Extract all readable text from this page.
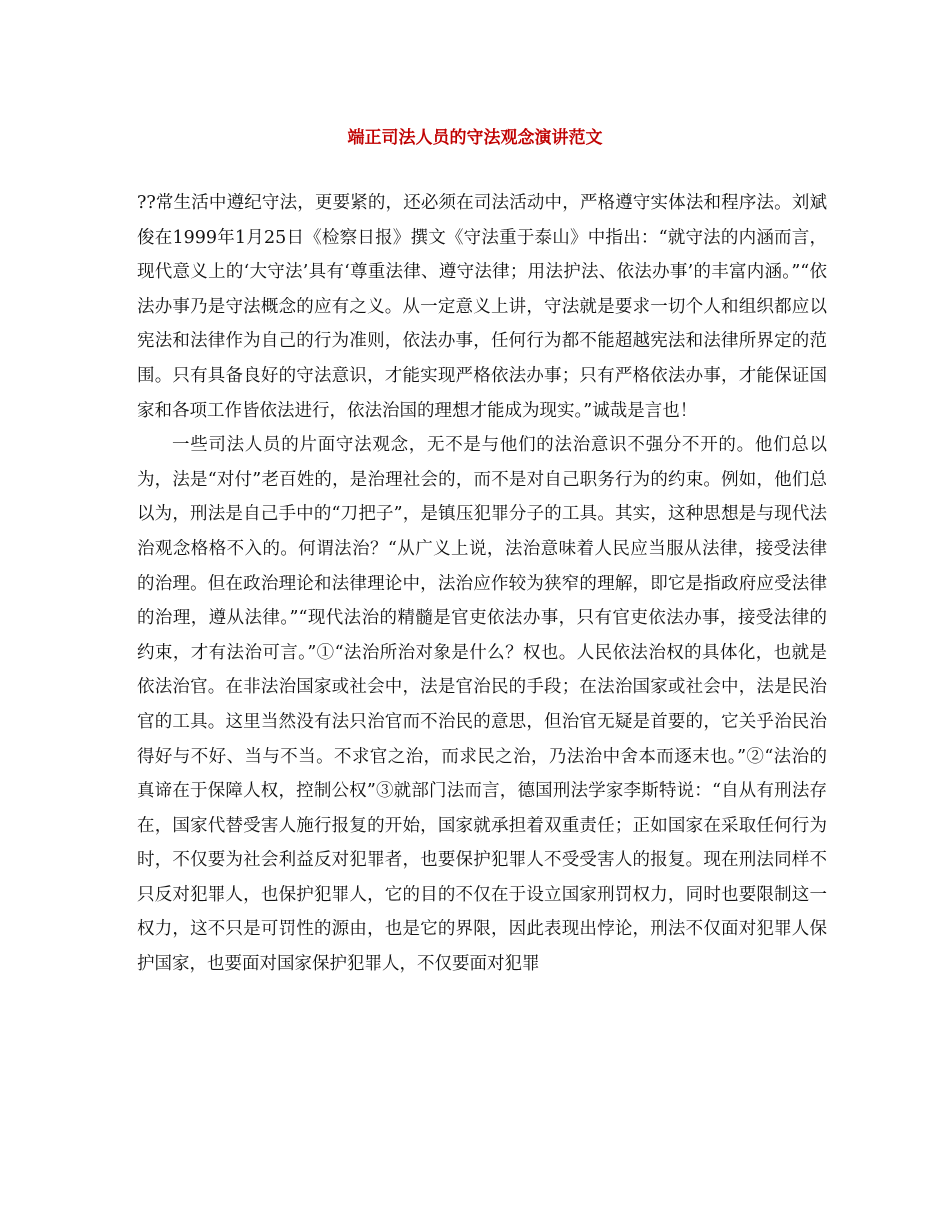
端正司法人员的守法观念演讲范文

??常生活中遵纪守法，更要紧的，还必须在司法活动中，严格遵守实体法和程序法。刘斌俊在1999年1月25日《检察日报》撰文《守法重于泰山》中指出：“就守法的内涵而言，现代意义上的‘大守法’具有‘尊重法律、遵守法律；用法护法、依法办事’的丰富内涵。”“依法办事乃是守法概念的应有之义。从一定意义上讲，守法就是要求一切个人和组织都应以宪法和法律作为自己的行为准则，依法办事，任何行为都不能超越宪法和法律所界定的范围。只有具备良好的守法意识，才能实现严格依法办事；只有严格依法办事，才能保证国家和各项工作皆依法进行，依法治国的理想才能成为现实。”诚哉是言也！

一些司法人员的片面守法观念，无不是与他们的法治意识不强分不开的。他们总以为，法是“对付”老百姓的，是治理社会的，而不是对自己职务行为的约束。例如，他们总以为，刑法是自己手中的“刀把子”，是镇压犯罪分子的工具。其实，这种思想是与现代法治观念格格不入的。何谓法治？“从广义上说，法治意味着人民应当服从法律，接受法律的治理。但在政治理论和法律理论中，法治应作较为狭窄的理解，即它是指政府应受法律的治理，遵从法律。”“现代法治的精髓是官吏依法办事，只有官吏依法办事，接受法律的约束，才有法治可言。”①“法治所治对象是什么？权也。人民依法治权的具体化，也就是依法治官。在非法治国家或社会中，法是官治民的手段；在法治国家或社会中，法是民治官的工具。这里当然没有法只治官而不治民的意思，但治官无疑是首要的，它关乎治民治得好与不好、当与不当。不求官之治，而求民之治，乃法治中舍本而逐末也。”②“法治的真谛在于保障人权，控制公权”③就部门法而言，德国刑法学家李斯特说：“自从有刑法存在，国家代替受害人施行报复的开始，国家就承担着双重责任；正如国家在采取任何行为时，不仅要为社会利益反对犯罪者，也要保护犯罪人不受受害人的报复。现在刑法同样不只反对犯罪人，也保护犯罪人，它的目的不仅在于设立国家刑罚权力，同时也要限制这一权力，这不只是可罚性的源由，也是它的界限，因此表现出悖论，刑法不仅面对犯罪人保护国家，也要面对国家保护犯罪人，不仅要面对犯罪
